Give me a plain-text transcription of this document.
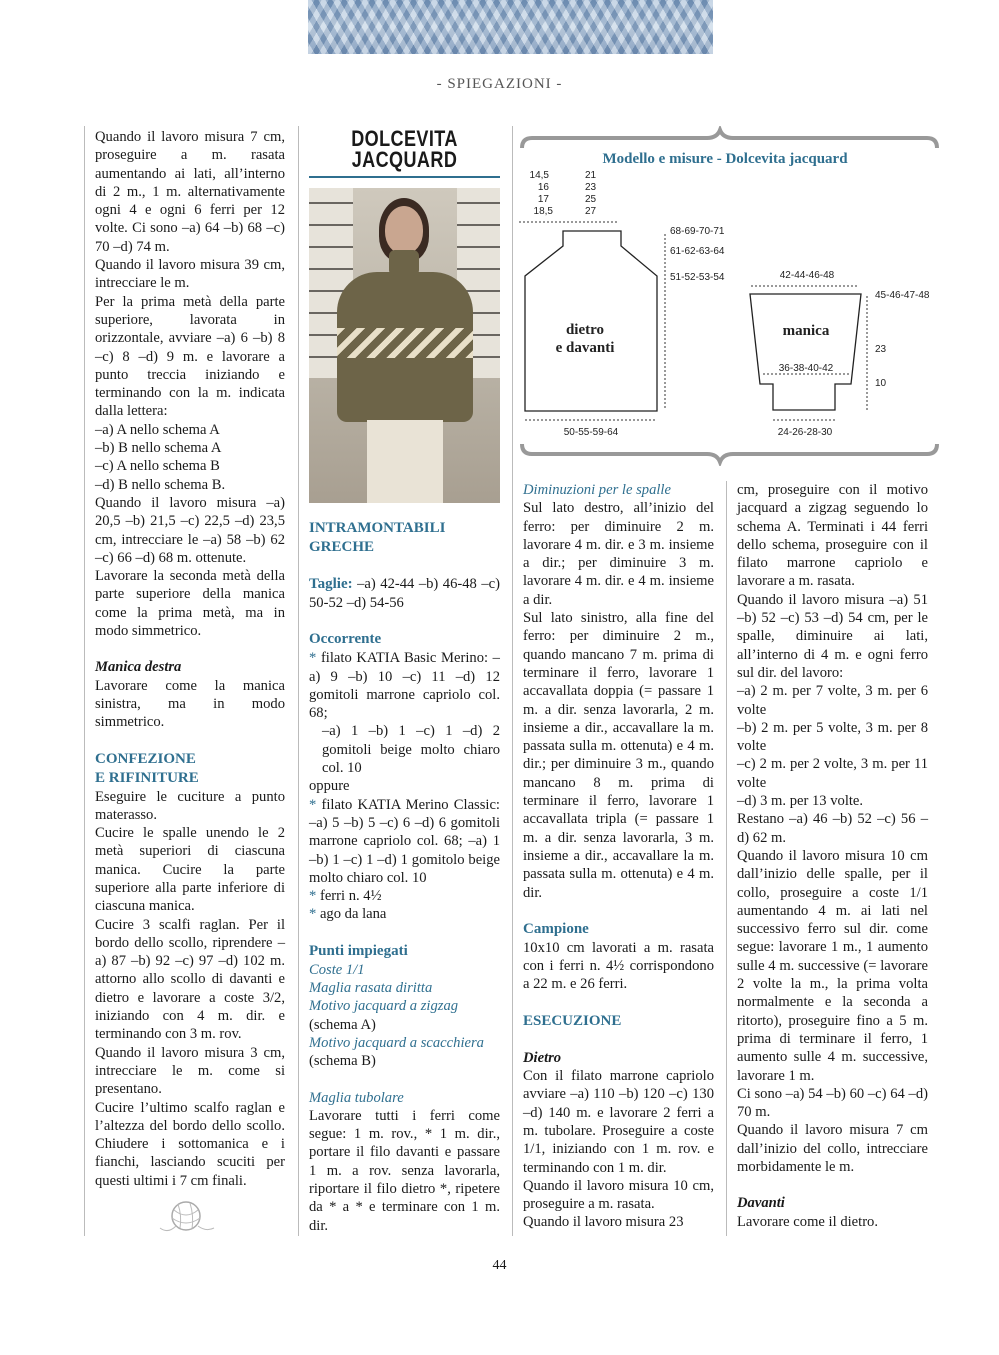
- SPIEGAZIONI -

Quando il lavoro misura 7 cm, proseguire a m. rasata aumentando ai lati, all’interno di 2 m., 1 m. alternativamente ogni 4 e ogni 6 ferri per 12 volte. Ci sono –a) 64 –b) 68 –c) 70 –d) 74 m.

Quando il lavoro misura 39 cm, intrecciare le m.

Per la prima metà della parte superiore, lavorata in orizzontale, avviare –a) 6 –b) 8 –c) 8 –d) 9 m. e lavorare a punto treccia iniziando e terminando con la m. indicata dalla lettera:

–a) A nello schema A

–b) B nello schema A

–c) A nello schema B

–d) B nello schema B.

Quando il lavoro misura –a) 20,5 –b) 21,5 –c) 22,5 –d) 23,5 cm, intrecciare le –a) 58 –b) 62 –c) 66 –d) 68 m. ottenute.

Lavorare la seconda metà della parte superiore della manica come la prima metà, ma in modo simmetrico.

Manica destra

Lavorare come la manica sinistra, ma in modo simmetrico.

CONFEZIONE

E RIFINITURE

Eseguire le cuciture a punto materasso.

Cucire le spalle unendo le 2 metà superiori di ciascuna manica. Cucire la parte superiore alla parte inferiore di ciascuna manica.

Cucire 3 scalfi raglan. Per il bordo dello scollo, riprendere –a) 87 –b) 92 –c) 97 –d) 102 m. attorno allo scollo di davanti e dietro e lavorare a coste 3/2, iniziando con 4 m. dir. e terminando con 3 m. rov.

Quando il lavoro misura 3 cm, intrecciare le m. come si presentano.

Cucire l’ultimo scalfo raglan e l’altezza del bordo dello scollo. Chiudere i sottomanica e i fianchi, lasciando scuciti per questi ultimi i 7 cm finali.

DOLCEVITA
JACQUARD

INTRAMONTABILI

GRECHE

Taglie: –a) 42-44 –b) 46-48 –c) 50-52 –d) 54-56

Occorrente

* filato KATIA Basic Merino: –a) 9 –b) 10 –c) 11 –d) 12 gomitoli marrone capriolo col. 68;

–a) 1 –b) 1 –c) 1 –d) 2 gomitoli beige molto chiaro col. 10

oppure

* filato KATIA Merino Classic: –a) 5 –b) 5 –c) 6 –d) 6 gomitoli marrone capriolo col. 68; –a) 1 –b) 1 –c) 1 –d) 1 gomitolo beige molto chiaro col. 10

* ferri n. 4½

* ago da lana

Punti impiegati

Coste 1/1

Maglia rasata diritta

Motivo jacquard a zigzag

(schema A)

Motivo jacquard a scacchiera

(schema B)

Maglia tubolare

Lavorare tutti i ferri come segue: 1 m. rov., * 1 m. dir., portare il filo davanti e passare 1 m. a rov. senza lavorarla, riportare il filo dietro *, ripetere da * a * e terminare con 1 m. dir.

Modello e misure - Dolcevita jacquard
14,5
16
17
18,5
21
23
25
27
dietro
e davanti
68-69-70-71
61-62-63-64
51-52-53-54
50-55-59-64
42-44-46-48
45-46-47-48
manica
36-38-40-42
23
10
24-26-28-30

Diminuzioni per le spalle

Sul lato destro, all’inizio del ferro: per diminuire 2 m. lavorare 4 m. dir. e 3 m. insieme a dir.; per diminuire 3 m. lavorare 4 m. dir. e 4 m. insieme a dir.

Sul lato sinistro, alla fine del ferro: per diminuire 2 m., quando mancano 7 m. prima di terminare il ferro, lavorare 1 accavallata doppia (= passare 1 m. a dir. senza lavorarla, 2 m. insieme a dir., accavallare la m. passata sulla m. ottenuta) e 4 m. dir.; per diminuire 3 m., quando mancano 8 m. prima di terminare il ferro, lavorare 1 accavallata tripla (= passare 1 m. a dir. senza lavorarla, 3 m. insieme a dir., accavallare la m. passata sulla m. ottenuta) e 4 m. dir.

Campione

10x10 cm lavorati a m. rasata con i ferri n. 4½ corrispondono a 22 m. e 26 ferri.

ESECUZIONE

Dietro

Con il filato marrone capriolo avviare –a) 110 –b) 120 –c) 130 –d) 140 m. e lavorare 2 ferri a m. tubolare. Proseguire a coste 1/1, iniziando con 1 m. rov. e terminando con 1 m. dir.

Quando il lavoro misura 10 cm, proseguire a m. rasata.

Quando il lavoro misura 23

cm, proseguire con il motivo jacquard a zigzag seguendo lo schema A. Terminati i 44 ferri dello schema, proseguire con il filato marrone capriolo e lavorare a m. rasata.

Quando il lavoro misura –a) 51 –b) 52 –c) 53 –d) 54 cm, per le spalle, diminuire ai lati, all’interno di 4 m. e ogni ferro sul dir. del lavoro:

–a) 2 m. per 7 volte, 3 m. per 6 volte

–b) 2 m. per 5 volte, 3 m. per 8 volte

–c) 2 m. per 2 volte, 3 m. per 11 volte

–d) 3 m. per 13 volte.

Restano –a) 46 –b) 52 –c) 56 –d) 62 m.

Quando il lavoro misura 10 cm dall’inizio delle spalle, per il collo, proseguire a coste 1/1 aumentando 4 m. ai lati nel successivo ferro sul dir. come segue: lavorare 1 m., 1 aumento sulle 4 m. successive (= lavorare 2 volte la m., la prima volta normalmente e la seconda a ritorto), proseguire fino a 5 m. prima di terminare il ferro, 1 aumento sulle 4 m. successive, lavorare 1 m.

Ci sono –a) 54 –b) 60 –c) 64 –d) 70 m.

Quando il lavoro misura 7 cm dall’inizio del collo, intrecciare morbidamente le m.

Davanti

Lavorare come il dietro.

44
